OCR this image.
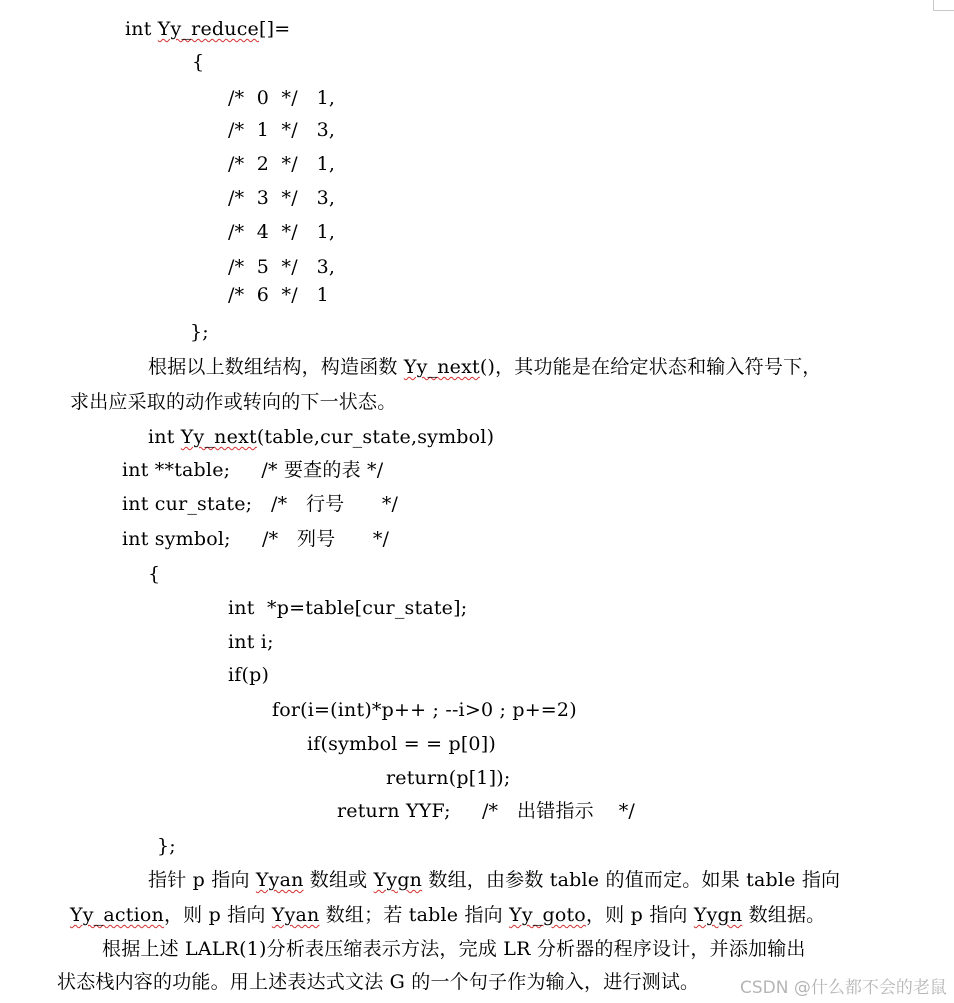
int Yy_reduce[]=
{
/*  0  */   1,
/*  1  */   3,
/*  2  */   1,
/*  3  */   3,
/*  4  */   1,
/*  5  */   3,
/*  6  */   1
};
根据以上数组结构，构造函数 Yy_next()，其功能是在给定状态和输入符号下，
求出应采取的动作或转向的下一状态。
int Yy_next(table,cur_state,symbol)
int **table;     /* 要查的表 */
int cur_state;   /*   行号      */
int symbol;     /*   列号      */
{
int  *p=table[cur_state];
int i;
if(p)
for(i=(int)*p++ ; --i>0 ; p+=2)
if(symbol = = p[0])
return(p[1]);
return YYF;     /*   出错指示    */
};
指针 p 指向 Yyan 数组或 Yygn 数组，由参数 table 的值而定。如果 table 指向
Yy_action，则 p 指向 Yyan 数组；若 table 指向 Yy_goto，则 p 指向 Yygn 数组据。
根据上述 LALR(1)分析表压缩表示方法，完成 LR 分析器的程序设计，并添加输出
状态栈内容的功能。用上述表达式文法 G 的一个句子作为输入，进行测试。 CSDN @什么都不会的老鼠
